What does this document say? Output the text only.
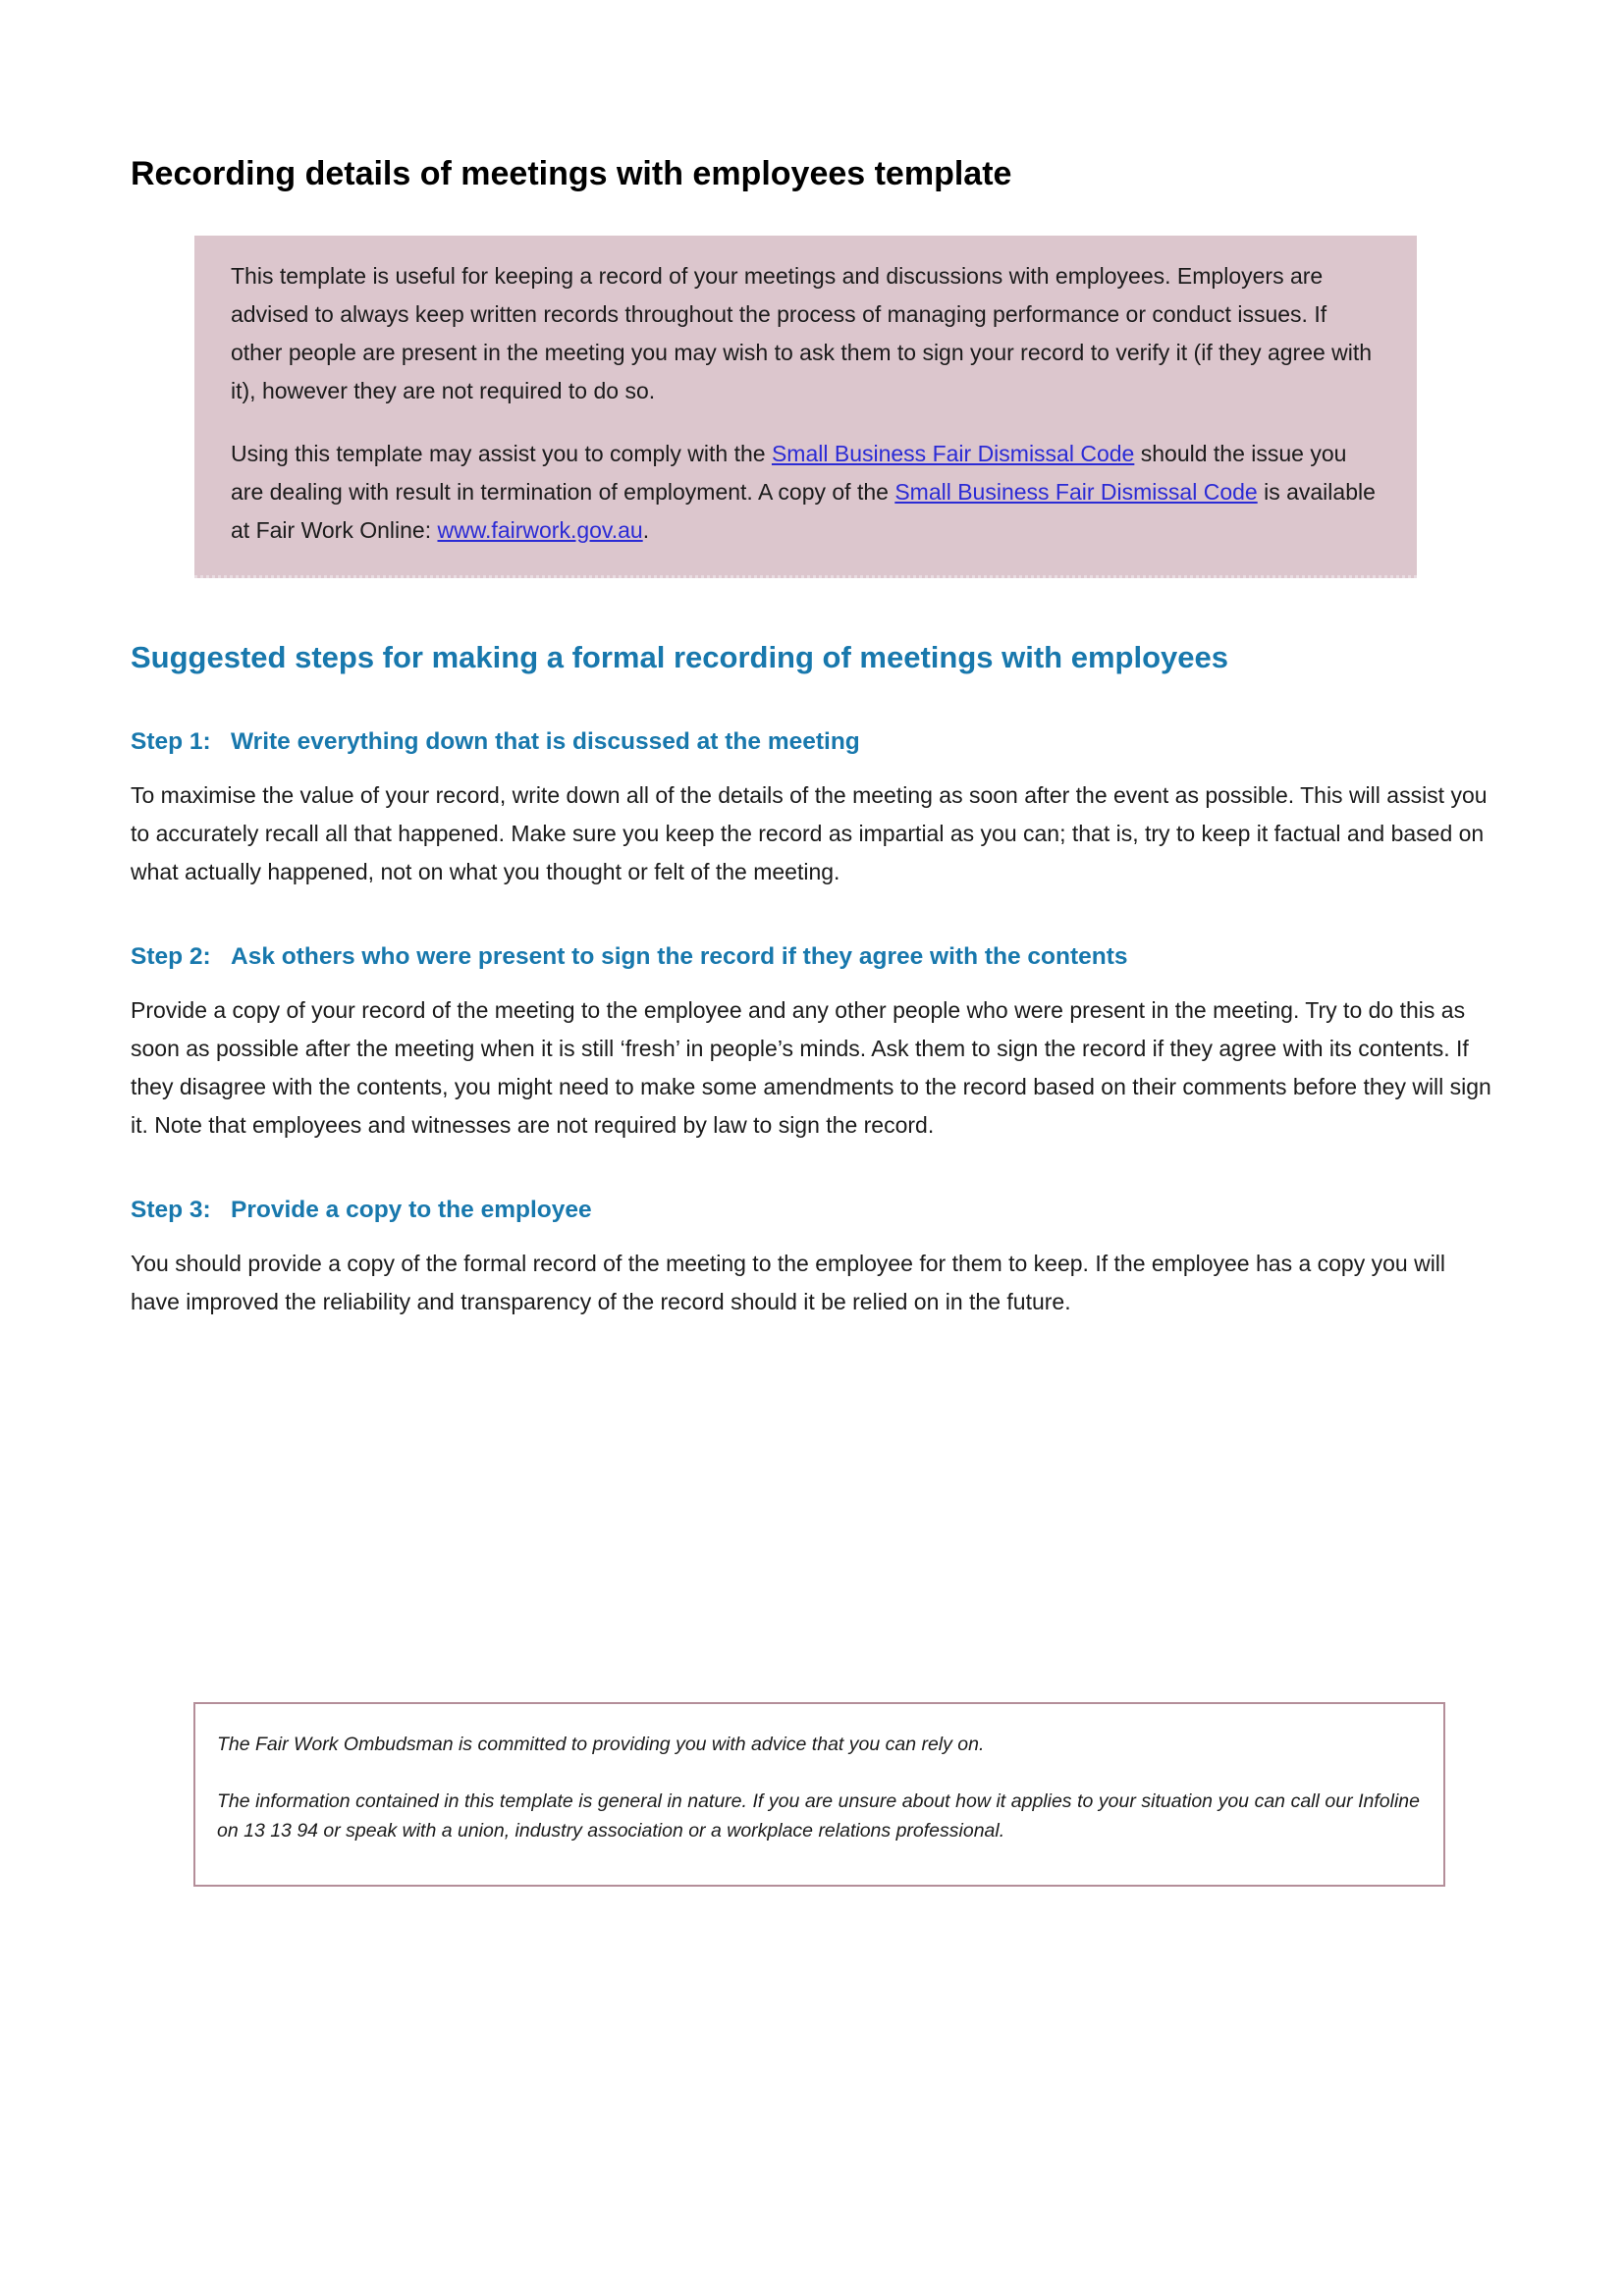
Recording details of meetings with employees template

This template is useful for keeping a record of your meetings and discussions with employees. Employers are advised to always keep written records throughout the process of managing performance or conduct issues. If other people are present in the meeting you may wish to ask them to sign your record to verify it (if they agree with it), however they are not required to do so.

Using this template may assist you to comply with the Small Business Fair Dismissal Code should the issue you are dealing with result in termination of employment. A copy of the Small Business Fair Dismissal Code is available at Fair Work Online: www.fairwork.gov.au.

Suggested steps for making a formal recording of meetings with employees
Step 1: Write everything down that is discussed at the meeting

To maximise the value of your record, write down all of the details of the meeting as soon after the event as possible. This will assist you to accurately recall all that happened. Make sure you keep the record as impartial as you can; that is, try to keep it factual and based on what actually happened, not on what you thought or felt of the meeting.

Step 2: Ask others who were present to sign the record if they agree with the contents

Provide a copy of your record of the meeting to the employee and any other people who were present in the meeting. Try to do this as soon as possible after the meeting when it is still ‘fresh’ in people’s minds. Ask them to sign the record if they agree with its contents. If they disagree with the contents, you might need to make some amendments to the record based on their comments before they will sign it. Note that employees and witnesses are not required by law to sign the record.

Step 3: Provide a copy to the employee

You should provide a copy of the formal record of the meeting to the employee for them to keep. If the employee has a copy you will have improved the reliability and transparency of the record should it be relied on in the future.

The Fair Work Ombudsman is committed to providing you with advice that you can rely on.

The information contained in this template is general in nature. If you are unsure about how it applies to your situation you can call our Infoline on 13 13 94 or speak with a union, industry association or a workplace relations professional.
